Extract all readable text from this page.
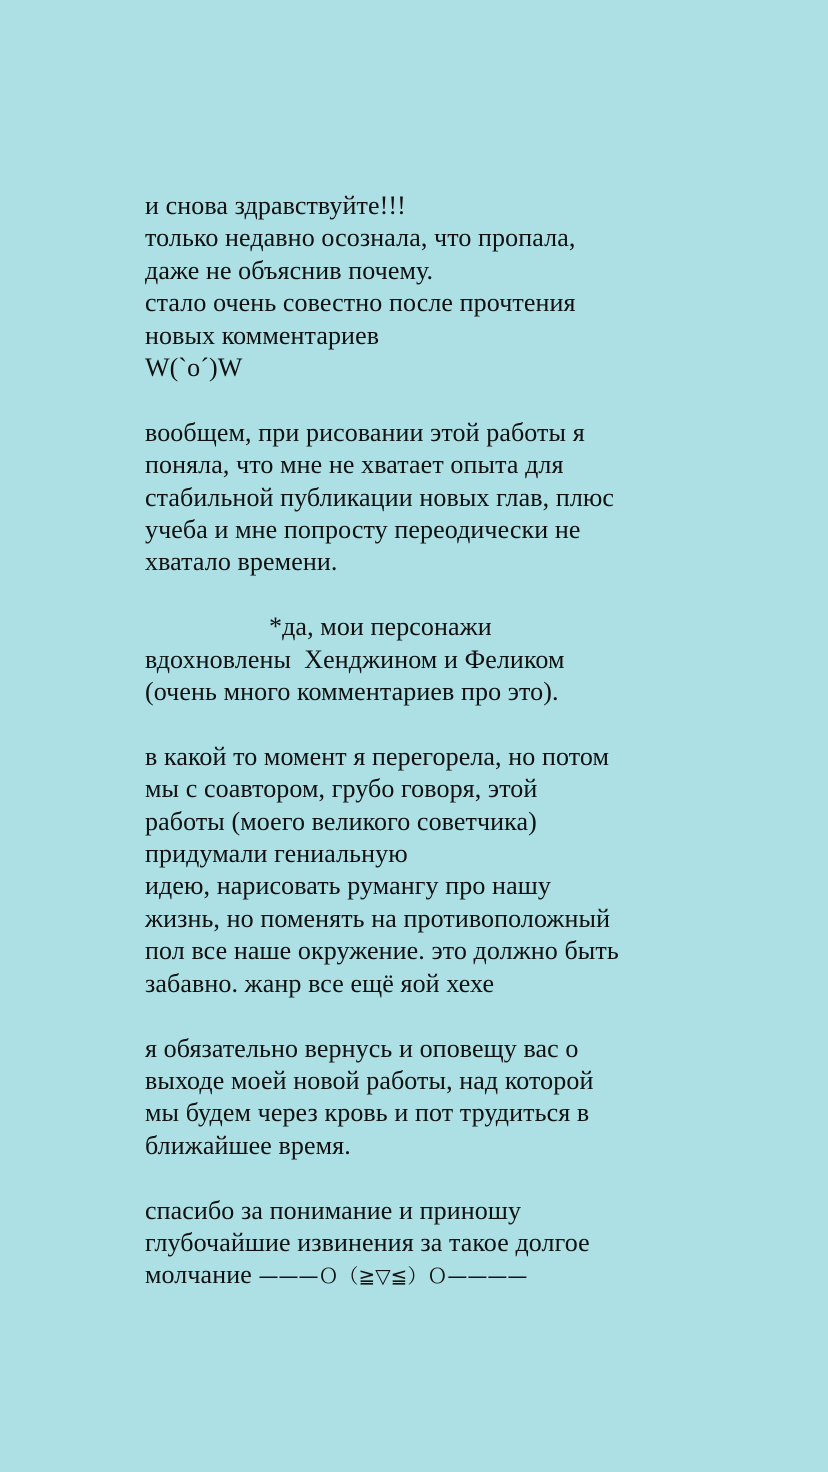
и снова здравствуйте!!!
только недавно осознала, что пропала,
даже не объяснив почему.
стало очень совестно после прочтения
новых комментариев
W(`o´)W
вообщем, при рисовании этой работы я
поняла, что мне не хватает опыта для
стабильной публикации новых глав, плюс
учеба и мне попросту переодически не
хватало времени.
*да, мои персонажи
вдохновлены  Хенджином и Феликом
(очень много комментариев про это).
в какой то момент я перегорела, но потом
мы с соавтором, грубо говоря, этой
работы (моего великого советчика)
придумали гениальную
идею, нарисовать румангу про нашу
жизнь, но поменять на противоположный
пол все наше окружение. это должно быть
забавно. жанр все ещё яой хехе
я обязательно вернусь и оповещу вас о
выходе моей новой работы, над которой
мы будем через кровь и пот трудиться в
ближайшее время.
спасибо за понимание и приношу
глубочайшие извинения за такое долгое
молчание ———Ｏ（≧▽≦）Ｏ————
